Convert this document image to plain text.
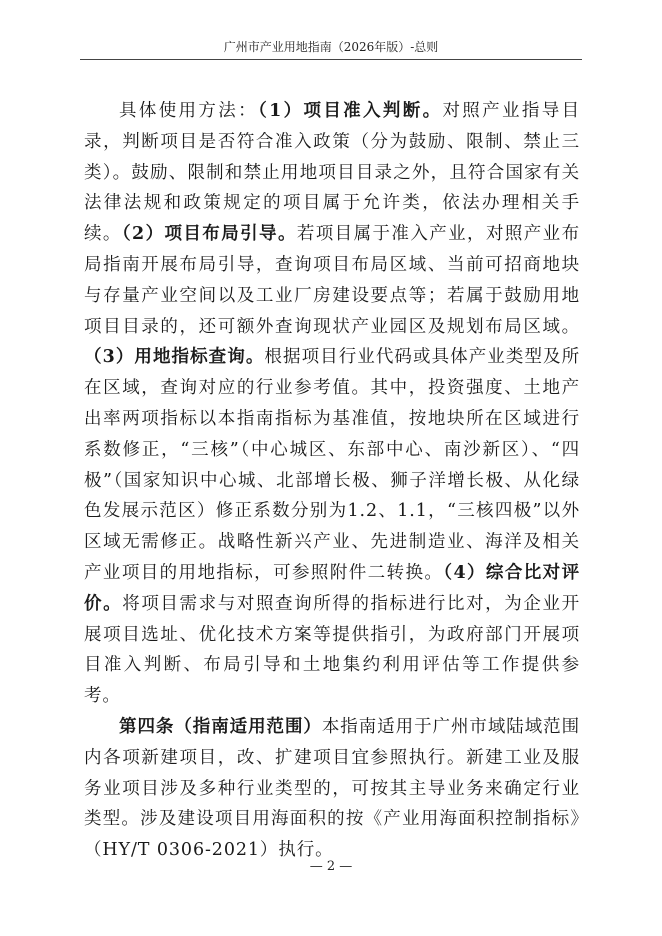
广州市产业用地指南（2026年版）-总则

具体使用方法：（1）项目准入判断。对照产业指导目录，判断项目是否符合准入政策（分为鼓励、限制、禁止三类）。鼓励、限制和禁止用地项目目录之外，且符合国家有关法律法规和政策规定的项目属于允许类，依法办理相关手续。（2）项目布局引导。若项目属于准入产业，对照产业布局指南开展布局引导，查询项目布局区域、当前可招商地块与存量产业空间以及工业厂房建设要点等；若属于鼓励用地项目目录的，还可额外查询现状产业园区及规划布局区域。（3）用地指标查询。根据项目行业代码或具体产业类型及所在区域，查询对应的行业参考值。其中，投资强度、土地产出率两项指标以本指南指标为基准值，按地块所在区域进行系数修正，“三核”（中心城区、东部中心、南沙新区）、“四极”（国家知识中心城、北部增长极、狮子洋增长极、从化绿色发展示范区）修正系数分别为1.2、1.1，“三核四极”以外区域无需修正。战略性新兴产业、先进制造业、海洋及相关产业项目的用地指标，可参照附件二转换。（4）综合比对评价。将项目需求与对照查询所得的指标进行比对，为企业开展项目选址、优化技术方案等提供指引，为政府部门开展项目准入判断、布局引导和土地集约利用评估等工作提供参考。

第四条（指南适用范围）本指南适用于广州市域陆域范围内各项新建项目，改、扩建项目宜参照执行。新建工业及服务业项目涉及多种行业类型的，可按其主导业务来确定行业类型。涉及建设项目用海面积的按《产业用海面积控制指标》（HY/T 0306-2021）执行。

— 2 —
